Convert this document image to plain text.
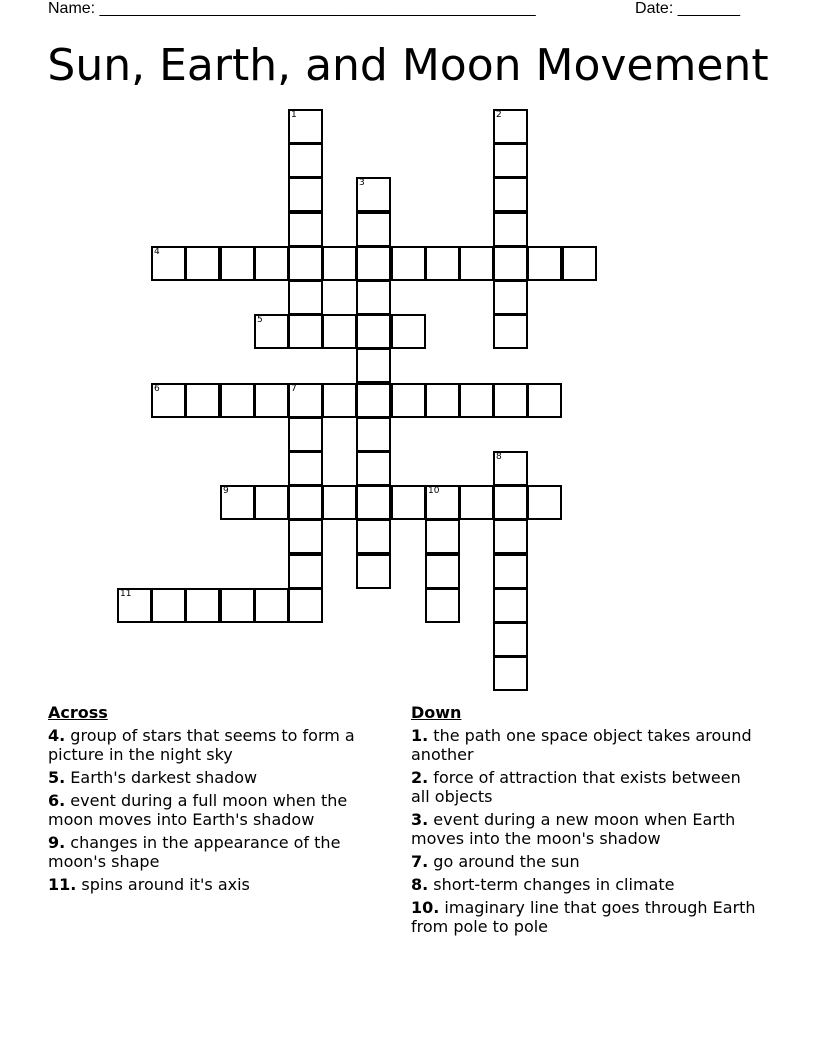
Name: _________________________________________________	Date: _______
Sun, Earth, and Moon Movement
1	2
3
4
5
6	7
8
9	10
11
Across
4. group of stars that seems to form a picture in the night sky
5. Earth's darkest shadow
6. event during a full moon when the moon moves into Earth's shadow
9. changes in the appearance of the moon's shape
11. spins around it's axis
Down
1. the path one space object takes around another
2. force of attraction that exists between all objects
3. event during a new moon when Earth moves into the moon's shadow
7. go around the sun
8. short-term changes in climate
10. imaginary line that goes through Earth from pole to pole
